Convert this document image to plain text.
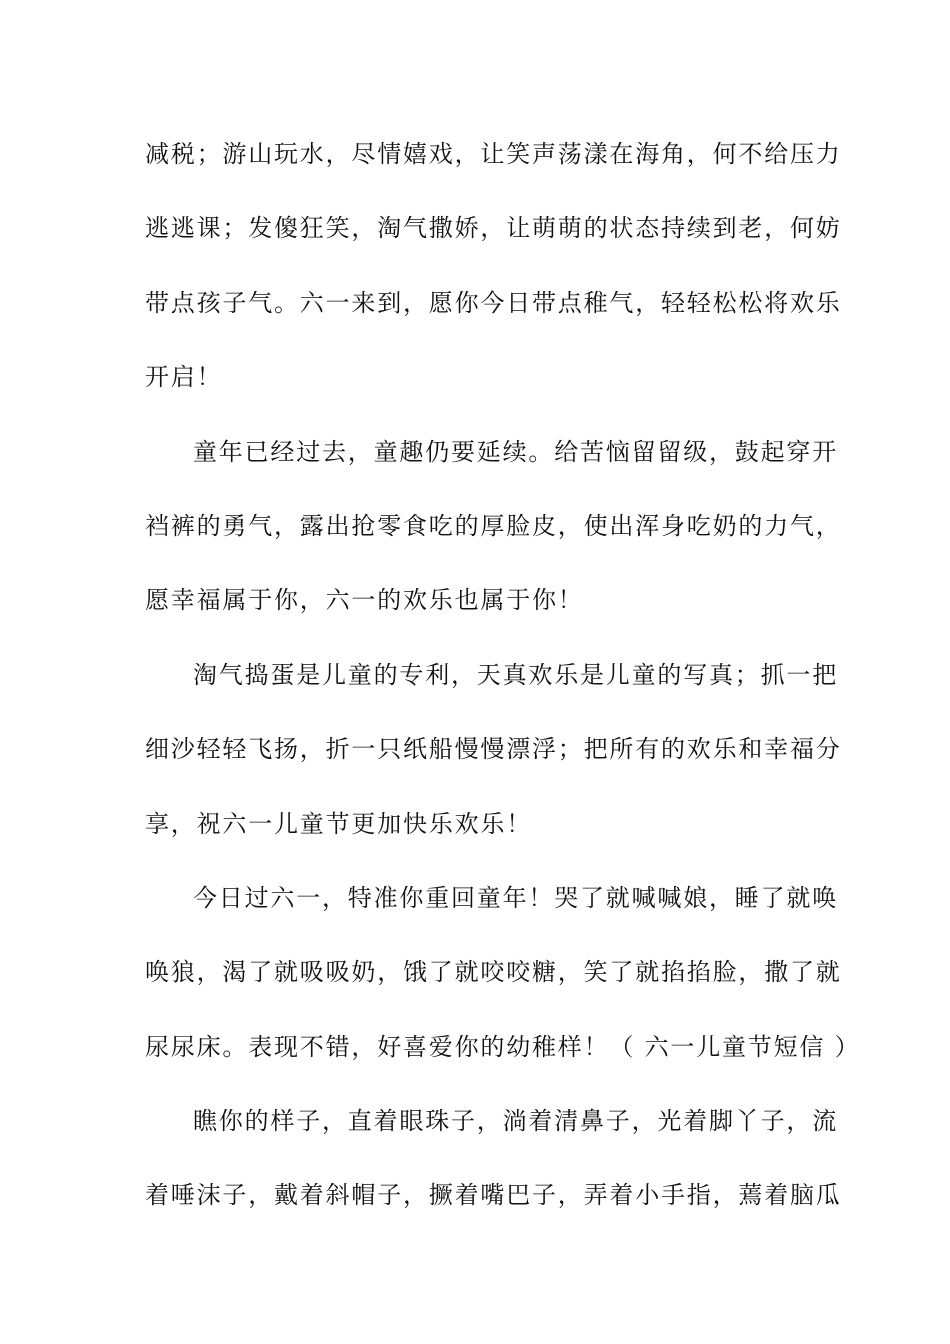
减税；游山玩水，尽情嬉戏，让笑声荡漾在海角，何不给压力
逃逃课；发傻狂笑，淘气撒娇，让萌萌的状态持续到老，何妨
带点孩子气。六一来到，愿你今日带点稚气，轻轻松松将欢乐
开启！
童年已经过去，童趣仍要延续。给苦恼留留级，鼓起穿开
裆裤的勇气，露出抢零食吃的厚脸皮，使出浑身吃奶的力气，
愿幸福属于你，六一的欢乐也属于你！
淘气捣蛋是儿童的专利，天真欢乐是儿童的写真；抓一把
细沙轻轻飞扬，折一只纸船慢慢漂浮；把所有的欢乐和幸福分
享，祝六一儿童节更加快乐欢乐！
今日过六一，特准你重回童年！哭了就喊喊娘，睡了就唤
唤狼，渴了就吸吸奶，饿了就咬咬糖，笑了就掐掐脸，撒了就
尿尿床。表现不错，好喜爱你的幼稚样！（ 六一儿童节短信 ）
瞧你的样子，直着眼珠子，淌着清鼻子，光着脚丫子，流
着唾沫子，戴着斜帽子，撅着嘴巴子，弄着小手指，蔫着脑瓜
